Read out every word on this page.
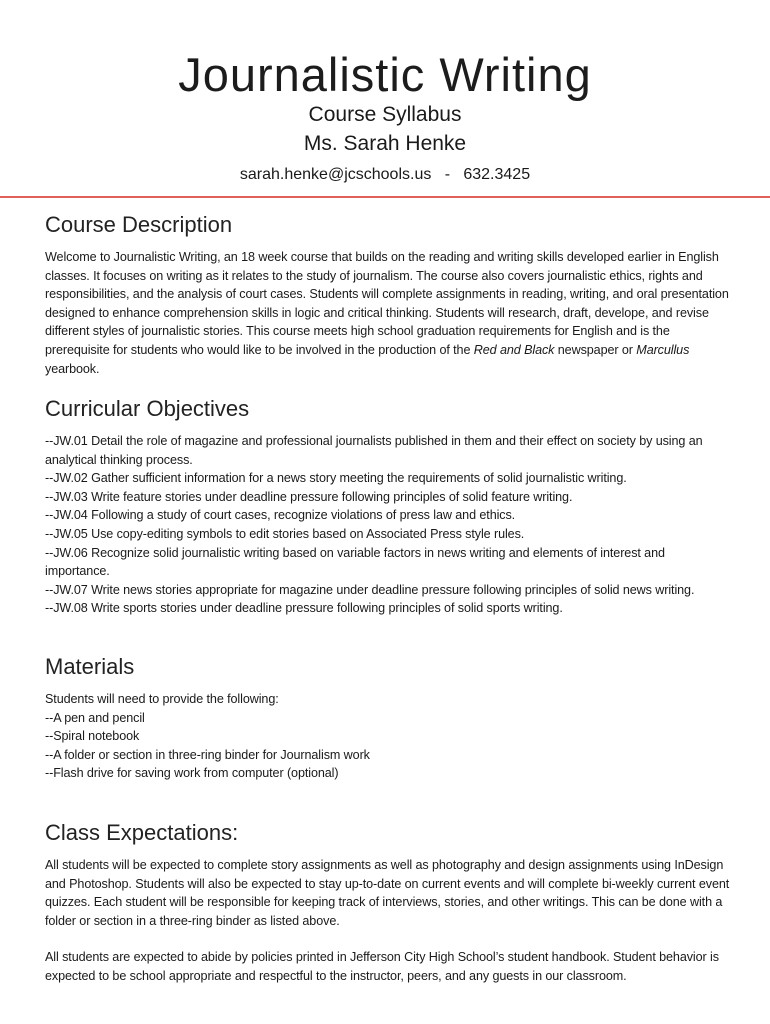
Journalistic Writing
Course Syllabus
Ms. Sarah Henke
sarah.henke@jcschools.us - 632.3425
Course Description

Welcome to Journalistic Writing, an 18 week course that builds on the reading and writing skills developed earlier in English classes. It focuses on writing as it relates to the study of journalism. The course also covers journalistic ethics, rights and responsibilities, and the analysis of court cases. Students will complete assignments in reading, writing, and oral presentation designed to enhance comprehension skills in logic and critical thinking. Students will research, draft, develope, and revise different styles of journalistic stories. This course meets high school graduation requirements for English and is the prerequisite for students who would like to be involved in the production of the Red and Black newspaper or Marcullus yearbook.

Curricular Objectives

--JW.01 Detail the role of magazine and professional journalists published in them and their effect on society by using an analytical thinking process.

--JW.02 Gather sufficient information for a news story meeting the requirements of solid journalistic writing.

--JW.03 Write feature stories under deadline pressure following principles of solid feature writing.

--JW.04 Following a study of court cases, recognize violations of press law and ethics.

--JW.05 Use copy-editing symbols to edit stories based on Associated Press style rules.

--JW.06 Recognize solid journalistic writing based on variable factors in news writing and elements of interest and importance.

--JW.07 Write news stories appropriate for magazine under deadline pressure following principles of solid news writing.

--JW.08 Write sports stories under deadline pressure following principles of solid sports writing.

Materials

Students will need to provide the following:

--A pen and pencil

--Spiral notebook

--A folder or section in three-ring binder for Journalism work

--Flash drive for saving work from computer (optional)

Class Expectations:

All students will be expected to complete story assignments as well as photography and design assignments using InDesign and Photoshop. Students will also be expected to stay up-to-date on current events and will complete bi-weekly current event quizzes. Each student will be responsible for keeping track of interviews, stories, and other writings. This can be done with a folder or section in a three-ring binder as listed above.

All students are expected to abide by policies printed in Jefferson City High School’s student handbook. Student behavior is expected to be school appropriate and respectful to the instructor, peers, and any guests in our classroom.
